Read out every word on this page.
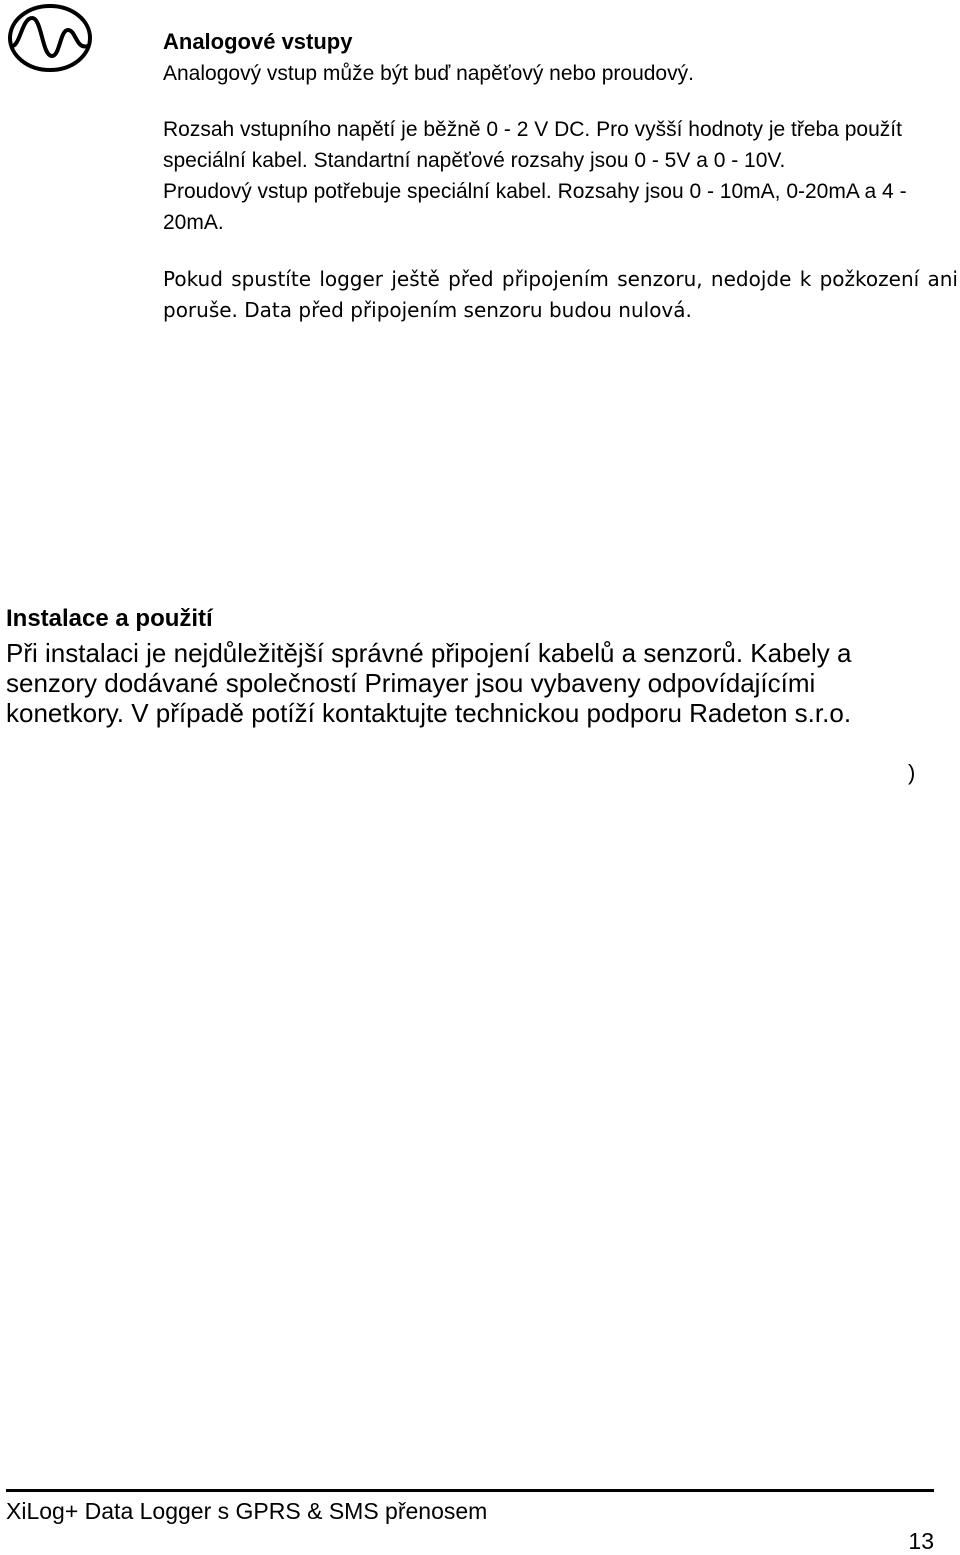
Analogové vstupy

Analogový vstup může být buď napěťový nebo proudový.

Rozsah vstupního napětí je běžně 0 - 2 V DC. Pro vyšší hodnoty je třeba použít speciální kabel. Standartní napěťové rozsahy jsou 0 - 5V a 0 - 10V.

Proudový vstup potřebuje speciální kabel. Rozsahy jsou 0 - 10mA, 0-20mA a 4 - 20mA.

Pokud spustíte logger ještě před připojením senzoru, nedojde k požkození ani poruše. Data před připojením senzoru budou nulová.

Instalace a použití

Při instalaci je nejdůležitější správné připojení kabelů a senzorů. Kabely a senzory dodávané společností Primayer jsou vybaveny odpovídajícími konetkory. V případě potíží kontaktujte technickou podporu Radeton s.r.o.

)
XiLog+ Data Logger s GPRS & SMS přenosem
13
